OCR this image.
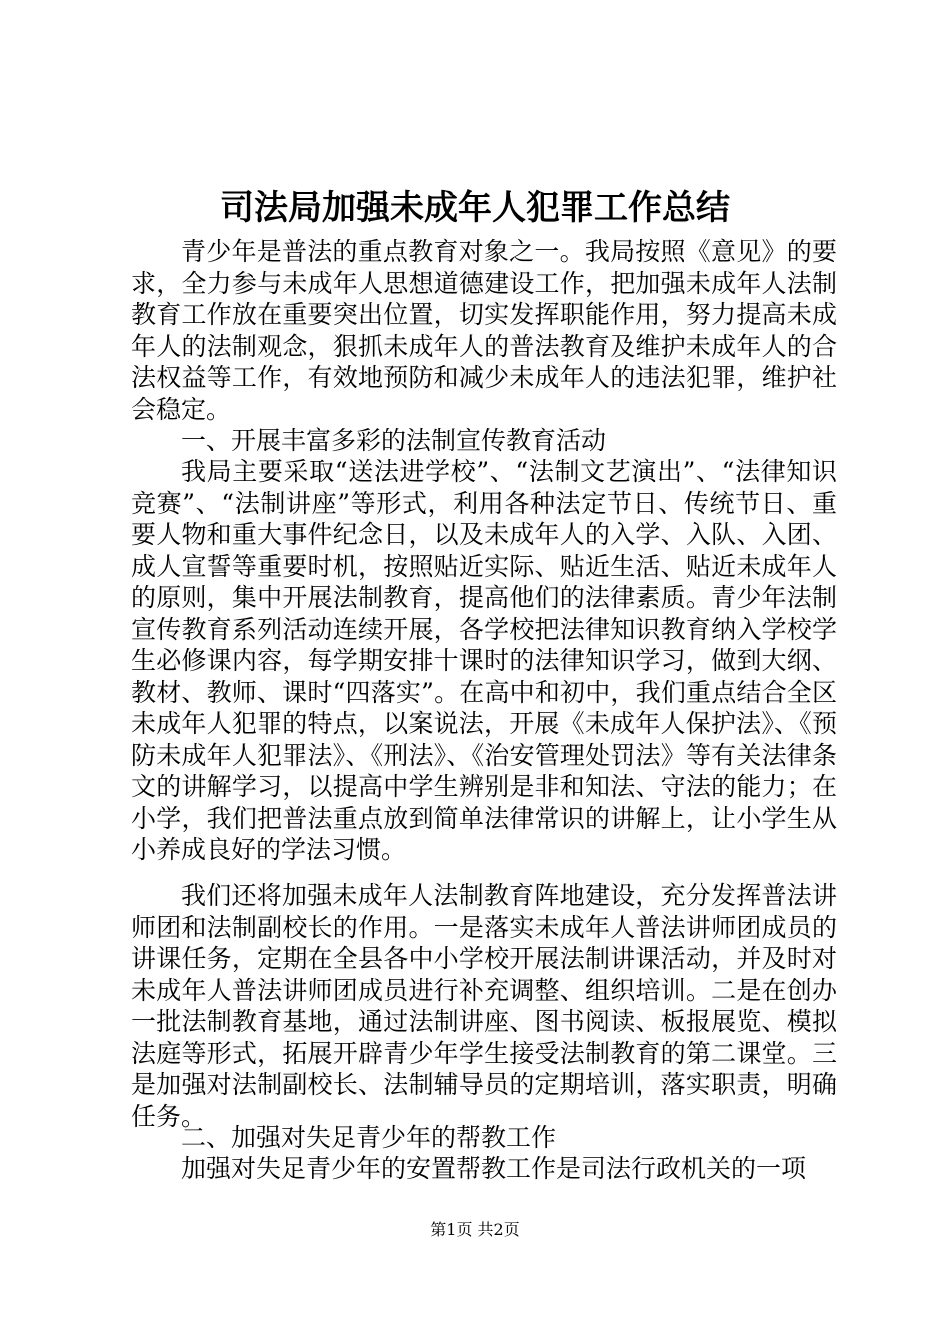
司法局加强未成年人犯罪工作总结

青少年是普法的重点教育对象之一。我局按照《意见》的要求，全力参与未成年人思想道德建设工作，把加强未成年人法制教育工作放在重要突出位置，切实发挥职能作用，努力提高未成年人的法制观念，狠抓未成年人的普法教育及维护未成年人的合法权益等工作，有效地预防和减少未成年人的违法犯罪，维护社会稳定。

一、开展丰富多彩的法制宣传教育活动

我局主要采取“送法进学校”、“法制文艺演出”、“法律知识竞赛”、“法制讲座”等形式，利用各种法定节日、传统节日、重要人物和重大事件纪念日，以及未成年人的入学、入队、入团、成人宣誓等重要时机，按照贴近实际、贴近生活、贴近未成年人的原则，集中开展法制教育，提高他们的法律素质。青少年法制宣传教育系列活动连续开展，各学校把法律知识教育纳入学校学生必修课内容，每学期安排十课时的法律知识学习，做到大纲、教材、教师、课时“四落实”。在高中和初中，我们重点结合全区未成年人犯罪的特点，以案说法，开展《未成年人保护法》、《预防未成年人犯罪法》、《刑法》、《治安管理处罚法》等有关法律条文的讲解学习，以提高中学生辨别是非和知法、守法的能力；在小学，我们把普法重点放到简单法律常识的讲解上，让小学生从小养成良好的学法习惯。

我们还将加强未成年人法制教育阵地建设，充分发挥普法讲师团和法制副校长的作用。一是落实未成年人普法讲师团成员的讲课任务，定期在全县各中小学校开展法制讲课活动，并及时对未成年人普法讲师团成员进行补充调整、组织培训。二是在创办一批法制教育基地，通过法制讲座、图书阅读、板报展览、模拟法庭等形式，拓展开辟青少年学生接受法制教育的第二课堂。三是加强对法制副校长、法制辅导员的定期培训，落实职责，明确任务。

二、加强对失足青少年的帮教工作

加强对失足青少年的安置帮教工作是司法行政机关的一项

第1页 共2页
